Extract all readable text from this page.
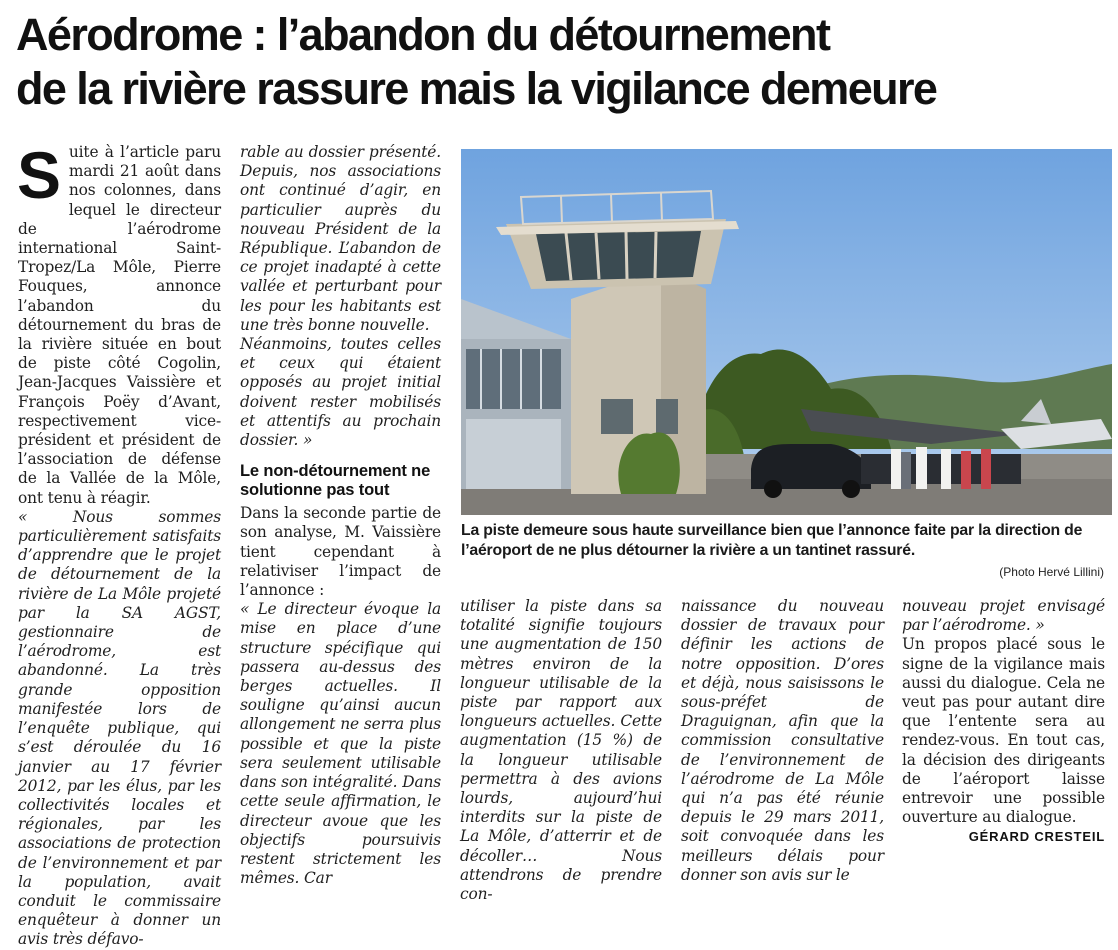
Aérodrome : l’abandon du détournement
de la rivière rassure mais la vigilance demeure
S uite à l’article paru mardi 21 août dans nos colonnes, dans lequel le directeur de l’aérodrome international Saint-Tropez/La Môle, Pierre Fouques, annonce l’abandon du détournement du bras de la rivière située en bout de piste côté Cogolin, Jean-Jacques Vaissière et François Poëy d’Avant, respectivement vice-président et président de l’association de défense de la Vallée de la Môle, ont tenu à réagir.

« Nous sommes particulièrement satisfaits d’apprendre que le projet de détournement de la rivière de La Môle projeté par la SA AGST, gestionnaire de l’aérodrome, est abandonné. La très grande opposition manifestée lors de l’enquête publique, qui s’est déroulée du 16 janvier au 17 février 2012, par les élus, par les collectivités locales et régionales, par les associations de protection de l’environnement et par la population, avait conduit le commissaire enquêteur à donner un avis très défavo-

rable au dossier présenté. Depuis, nos associations ont continué d’agir, en particulier auprès du nouveau Président de la République. L’abandon de ce projet inadapté à cette vallée et perturbant pour les pour les habitants est une très bonne nouvelle.

Néanmoins, toutes celles et ceux qui étaient opposés au projet initial doivent rester mobilisés et attentifs au prochain dossier. »

Le non-détournement ne solutionne pas tout

Dans la seconde partie de son analyse, M. Vaissière tient cependant à relativiser l’impact de l’annonce :

« Le directeur évoque la mise en place d’une structure spécifique qui passera au-dessus des berges actuelles. Il souligne qu’ainsi aucun allongement ne serra plus possible et que la piste sera seulement utilisable dans son intégralité. Dans cette seule affirmation, le directeur avoue que les objectifs poursuivis restent strictement les mêmes. Car

La piste demeure sous haute surveillance bien que l’annonce faite par la direction de l’aéroport de ne plus détourner la rivière a un tantinet rassuré.

(Photo Hervé Lillini)

utiliser la piste dans sa totalité signifie toujours une augmentation de 150 mètres environ de la longueur utilisable de la piste par rapport aux longueurs actuelles. Cette augmentation (15 %) de la longueur utilisable permettra à des avions lourds, aujourd’hui interdits sur la piste de La Môle, d’atterrir et de décoller… Nous attendrons de prendre con-

naissance du nouveau dossier de travaux pour définir les actions de notre opposition. D’ores et déjà, nous saisissons le sous-préfet de Draguignan, afin que la commission consultative de l’environnement de l’aérodrome de La Môle qui n’a pas été réunie depuis le 29 mars 2011, soit convoquée dans les meilleurs délais pour donner son avis sur le

nouveau projet envisagé par l’aérodrome. »

Un propos placé sous le signe de la vigilance mais aussi du dialogue. Cela ne veut pas pour autant dire que l’entente sera au rendez-vous. En tout cas, la décision des dirigeants de l’aéroport laisse entrevoir une possible ouverture au dialogue.

GÉRARD CRESTEIL
